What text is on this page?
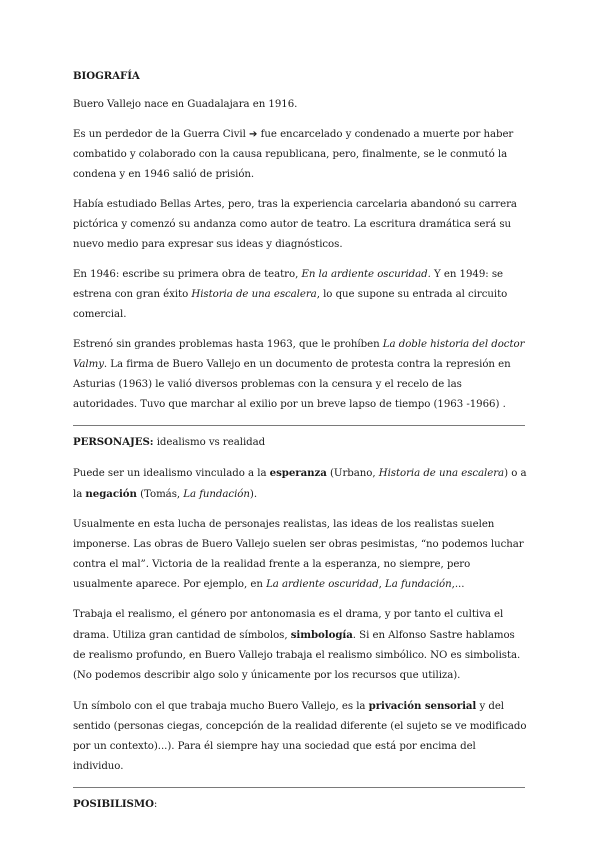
BIOGRAFÍA

Buero Vallejo nace en Guadalajara en 1916.

Es un perdedor de la Guerra Civil ➔ fue encarcelado y condenado a muerte por haber combatido y colaborado con la causa republicana, pero, finalmente, se le conmutó la condena y en 1946 salió de prisión.

Había estudiado Bellas Artes, pero, tras la experiencia carcelaria abandonó su carrera pictórica y comenzó su andanza como autor de teatro. La escritura dramática será su nuevo medio para expresar sus ideas y diagnósticos.

En 1946: escribe su primera obra de teatro, En la ardiente oscuridad. Y en 1949: se estrena con gran éxito Historia de una escalera, lo que supone su entrada al circuito comercial.

Estrenó sin grandes problemas hasta 1963, que le prohíben La doble historia del doctor Valmy. La firma de Buero Vallejo en un documento de protesta contra la represión en Asturias (1963) le valió diversos problemas con la censura y el recelo de las autoridades. Tuvo que marchar al exilio por un breve lapso de tiempo (1963 -1966) .

PERSONAJES: idealismo vs realidad

Puede ser un idealismo vinculado a la esperanza (Urbano, Historia de una escalera) o a la negación (Tomás, La fundación).

Usualmente en esta lucha de personajes realistas, las ideas de los realistas suelen imponerse. Las obras de Buero Vallejo suelen ser obras pesimistas, “no podemos luchar contra el mal”. Victoria de la realidad frente a la esperanza, no siempre, pero usualmente aparece. Por ejemplo, en La ardiente oscuridad, La fundación,...

Trabaja el realismo, el género por antonomasia es el drama, y por tanto el cultiva el drama. Utiliza gran cantidad de símbolos, simbología. Si en Alfonso Sastre hablamos de realismo profundo, en Buero Vallejo trabaja el realismo simbólico. NO es simbolista. (No podemos describir algo solo y únicamente por los recursos que utiliza).

Un símbolo con el que trabaja mucho Buero Vallejo, es la privación sensorial y del sentido (personas ciegas, concepción de la realidad diferente (el sujeto se ve modificado por un contexto)...). Para él siempre hay una sociedad que está por encima del individuo.

POSIBILISMO:
